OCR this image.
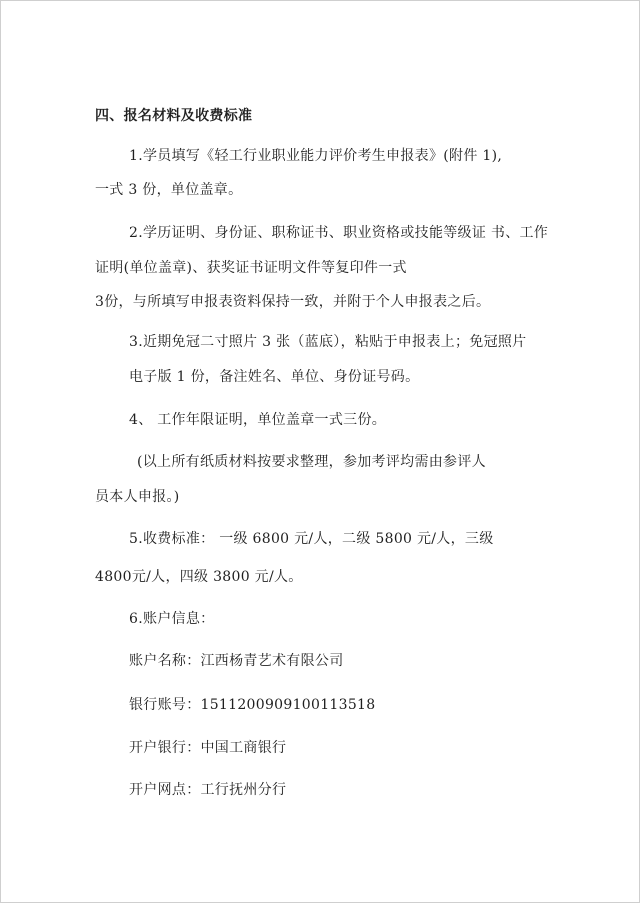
四、报名材料及收费标准
1.学员填写《轻工行业职业能力评价考生申报表》(附件 1),
一式 3 份，单位盖章。
2.学历证明、身份证、职称证书、职业资格或技能等级证 书、工作
证明(单位盖章)、获奖证书证明文件等复印件一式
3份，与所填写申报表资料保持一致，并附于个人申报表之后。
3.近期免冠二寸照片 3 张（蓝底），粘贴于申报表上；免冠照片
电子版 1 份，备注姓名、单位、身份证号码。
4、 工作年限证明，单位盖章一式三份。
(以上所有纸质材料按要求整理，参加考评均需由参评人
员本人申报。)
5.收费标准： 一级 6800 元/人，二级 5800 元/人，三级
4800元/人，四级 3800 元/人。
6.账户信息：
账户名称：江西杨青艺术有限公司
银行账号：1511200909100113518
开户银行：中国工商银行
开户网点：工行抚州分行
